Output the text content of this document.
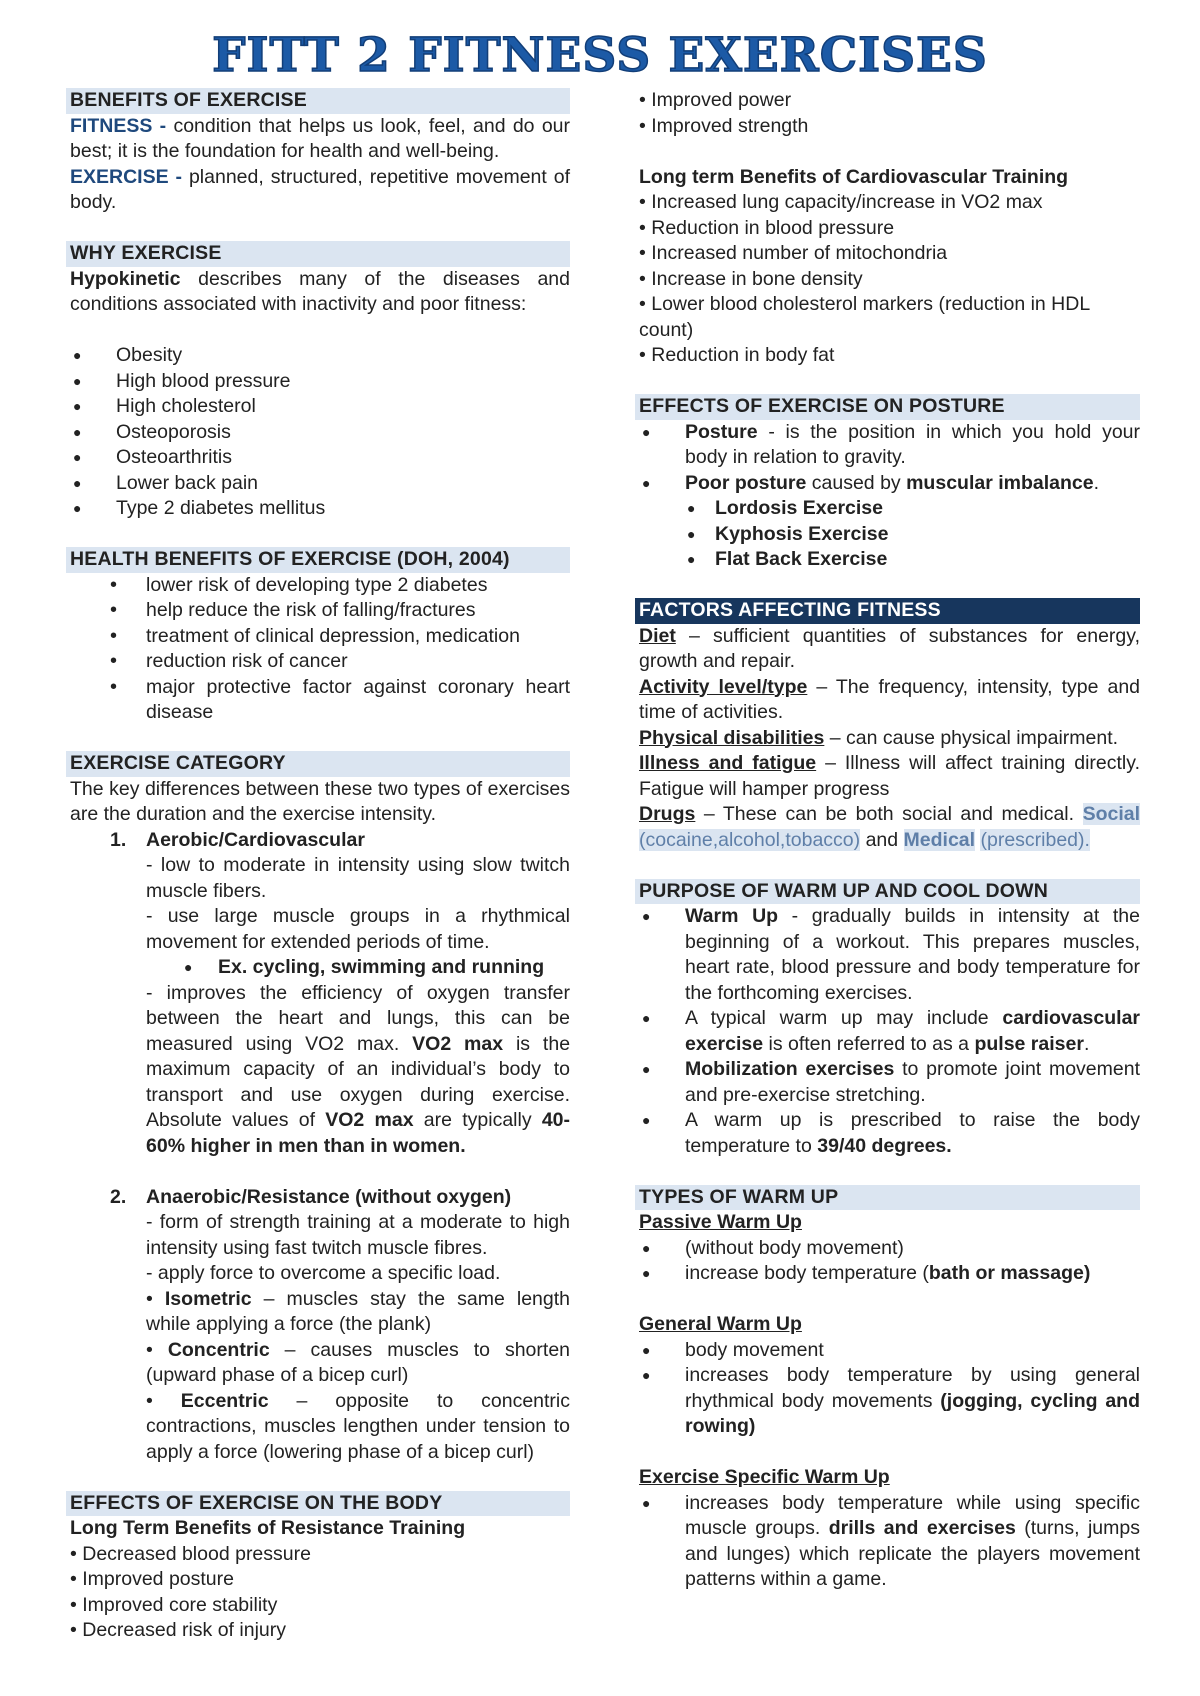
FITT 2 FITNESS EXERCISES
BENEFITS OF EXERCISE

FITNESS - condition that helps us look, feel, and do our best; it is the foundation for health and well-being.

EXERCISE - planned, structured, repetitive movement of body.

WHY EXERCISE

Hypokinetic describes many of the diseases and conditions associated with inactivity and poor fitness:

● Obesity
● High blood pressure
● High cholesterol
● Osteoporosis
● Osteoarthritis
● Lower back pain
● Type 2 diabetes mellitus
HEALTH BENEFITS OF EXERCISE (DOH, 2004)
• lower risk of developing type 2 diabetes
• help reduce the risk of falling/fractures
• treatment of clinical depression, medication
• reduction risk of cancer
• major protective factor against coronary heart disease
EXERCISE CATEGORY

The key differences between these two types of exercises are the duration and the exercise intensity.

1. Aerobic/Cardiovascular
- low to moderate in intensity using slow twitch muscle fibers.
- use large muscle groups in a rhythmical movement for extended periods of time.
● Ex. cycling, swimming and running
- improves the efficiency of oxygen transfer between the heart and lungs, this can be measured using VO2 max. VO2 max is the maximum capacity of an individual’s body to transport and use oxygen during exercise. Absolute values of VO2 max are typically 40-60% higher in men than in women.
2. Anaerobic/Resistance (without oxygen)
- form of strength training at a moderate to high intensity using fast twitch muscle fibres.
- apply force to overcome a specific load.
• Isometric – muscles stay the same length while applying a force (the plank)
• Concentric – causes muscles to shorten (upward phase of a bicep curl)
• Eccentric – opposite to concentric contractions, muscles lengthen under tension to apply a force (lowering phase of a bicep curl)
EFFECTS OF EXERCISE ON THE BODY

Long Term Benefits of Resistance Training

• Decreased blood pressure

• Improved posture

• Improved core stability

• Decreased risk of injury

• Improved power

• Improved strength

Long term Benefits of Cardiovascular Training

• Increased lung capacity/increase in VO2 max

• Reduction in blood pressure

• Increased number of mitochondria

• Increase in bone density

• Lower blood cholesterol markers (reduction in HDL count)

• Reduction in body fat

EFFECTS OF EXERCISE ON POSTURE
● Posture - is the position in which you hold your body in relation to gravity.
● Poor posture caused by muscular imbalance.
● Lordosis Exercise
● Kyphosis Exercise
● Flat Back Exercise
FACTORS AFFECTING FITNESS

Diet – sufficient quantities of substances for energy, growth and repair.

Activity level/type – The frequency, intensity, type and time of activities.

Physical disabilities – can cause physical impairment.

Illness and fatigue – Illness will affect training directly. Fatigue will hamper progress

Drugs – These can be both social and medical. Social (cocaine,alcohol,tobacco) and Medical (prescribed).

PURPOSE OF WARM UP AND COOL DOWN
● Warm Up - gradually builds in intensity at the beginning of a workout. This prepares muscles, heart rate, blood pressure and body temperature for the forthcoming exercises.
● A typical warm up may include cardiovascular exercise is often referred to as a pulse raiser.
● Mobilization exercises to promote joint movement and pre-exercise stretching.
● A warm up is prescribed to raise the body temperature to 39/40 degrees.
TYPES OF WARM UP

Passive Warm Up

● (without body movement)
● increase body temperature (bath or massage)

General Warm Up

● body movement
● increases body temperature by using general rhythmical body movements (jogging, cycling and rowing)

Exercise Specific Warm Up

● increases body temperature while using specific muscle groups. drills and exercises (turns, jumps and lunges) which replicate the players movement patterns within a game.
